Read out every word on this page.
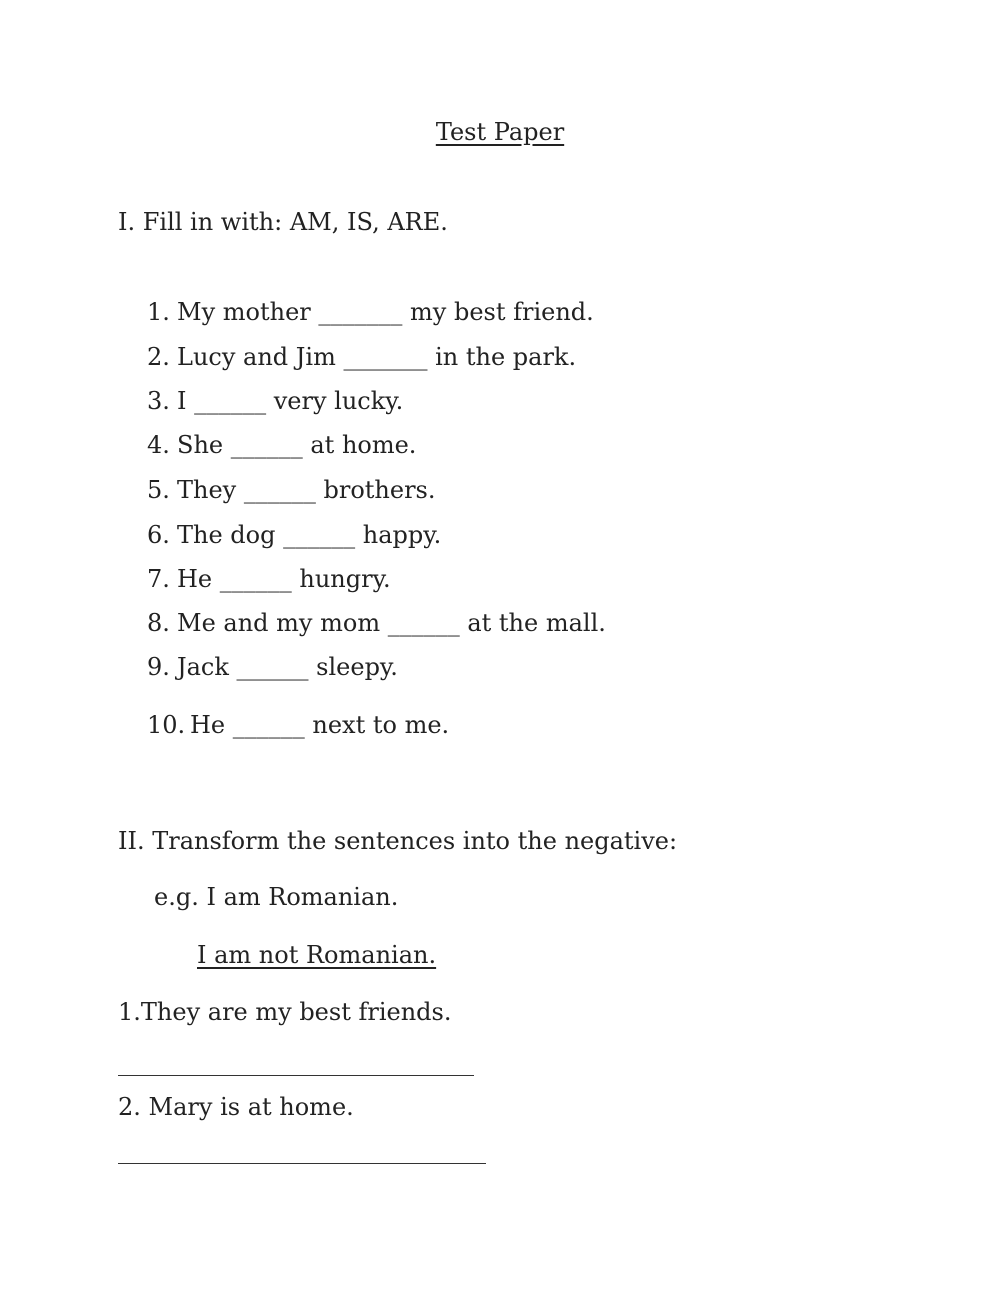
Test Paper
I. Fill in with: AM, IS, ARE.
1. My mother _______ my best friend.
2. Lucy and Jim _______ in the park.
3. I ______ very lucky.
4. She ______ at home.
5. They ______ brothers.
6. The dog ______ happy.
7. He ______ hungry.
8. Me and my mom ______ at the mall.
9. Jack ______ sleepy.
10. He ______ next to me.
II. Transform the sentences into the negative:
e.g. I am Romanian.
I am not Romanian.
1.They are my best friends.
2. Mary is at home.
